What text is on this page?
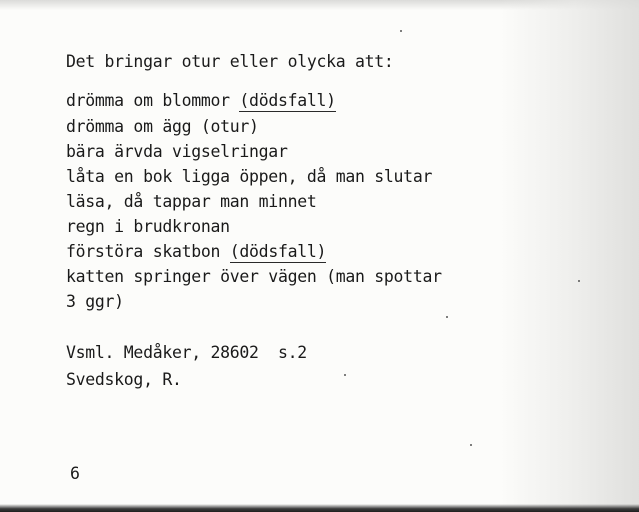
Det bringar otur eller olycka att:
drömma om blommor (dödsfall)
drömma om ägg (otur)
bära ärvda vigselringar
låta en bok ligga öppen, då man slutar
läsa, då tappar man minnet
regn i brudkronan
förstöra skatbon (dödsfall)
katten springer över vägen (man spottar
3 ggr)
Vsml. Medåker, 28602  s.2
Svedskog, R.
6
